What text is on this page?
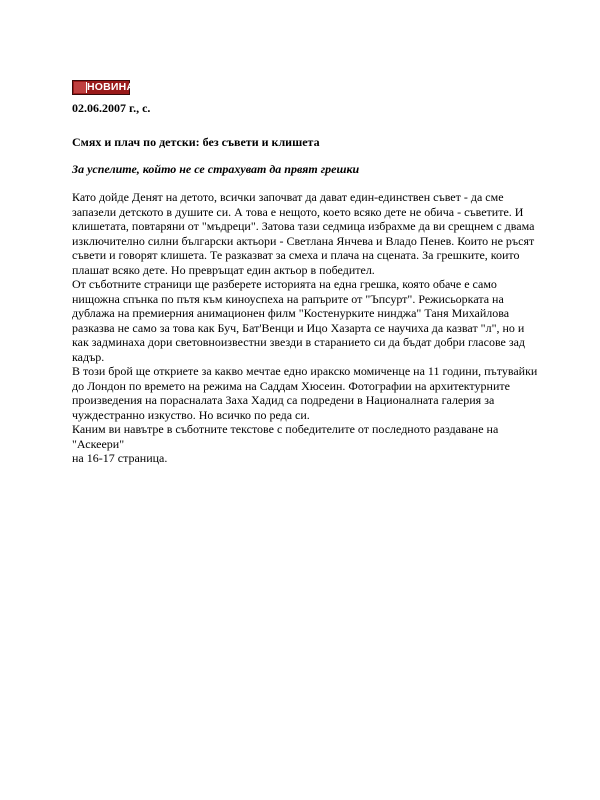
НОВИНАР
02.06.2007 г., с.
Смях и плач по детски: без съвети и клишета
За успелите, който не се страхуват да првят грешки

Като дойде Денят на детото, всички започват да дават един-единствен съвет - да сме запазели детското в душите си. А това е нещото, което всяко дете не обича - съветите. И клишетата, повтаряни от "мъдреци". Затова тази седмица избрахме да ви срещнем с двама изключително силни български актьори - Светлана Янчева и Владо Пенев. Които не ръсят съвети и говорят клишета. Те разказват за смеха и плача на сцената. За грешките, които плашат всяко дете. Но превръщат един актьор в победител.

От съботните страници ще разберете историята на една грешка, която обаче е само нищожна спънка по пътя към киноуспеха на рапърите от "Ъпсурт". Режисьорката на дублажа на премиерния анимационен филм "Костенурките нинджа" Таня Михайлова разказва не само за това как Буч, Бат'Венци и Ицо Хазарта се научиха да казват "л", но и как задминаха дори световноизвестни звезди в старанието си да бъдат добри гласове зад кадър.

В този брой ще откриете за какво мечтае едно иракско момиченце на 11 години, пътувайки до Лондон по времето на режима на Саддам Хюсеин. Фотографии на архитектурните произведения на порасналата Заха Хадид са подредени в Националната галерия за чуждестранно изкуство. Но всичко по реда си.

Каним ви навътре в съботните текстове с победителите от последното раздаване на "Аскеери"

на 16-17 страница.
